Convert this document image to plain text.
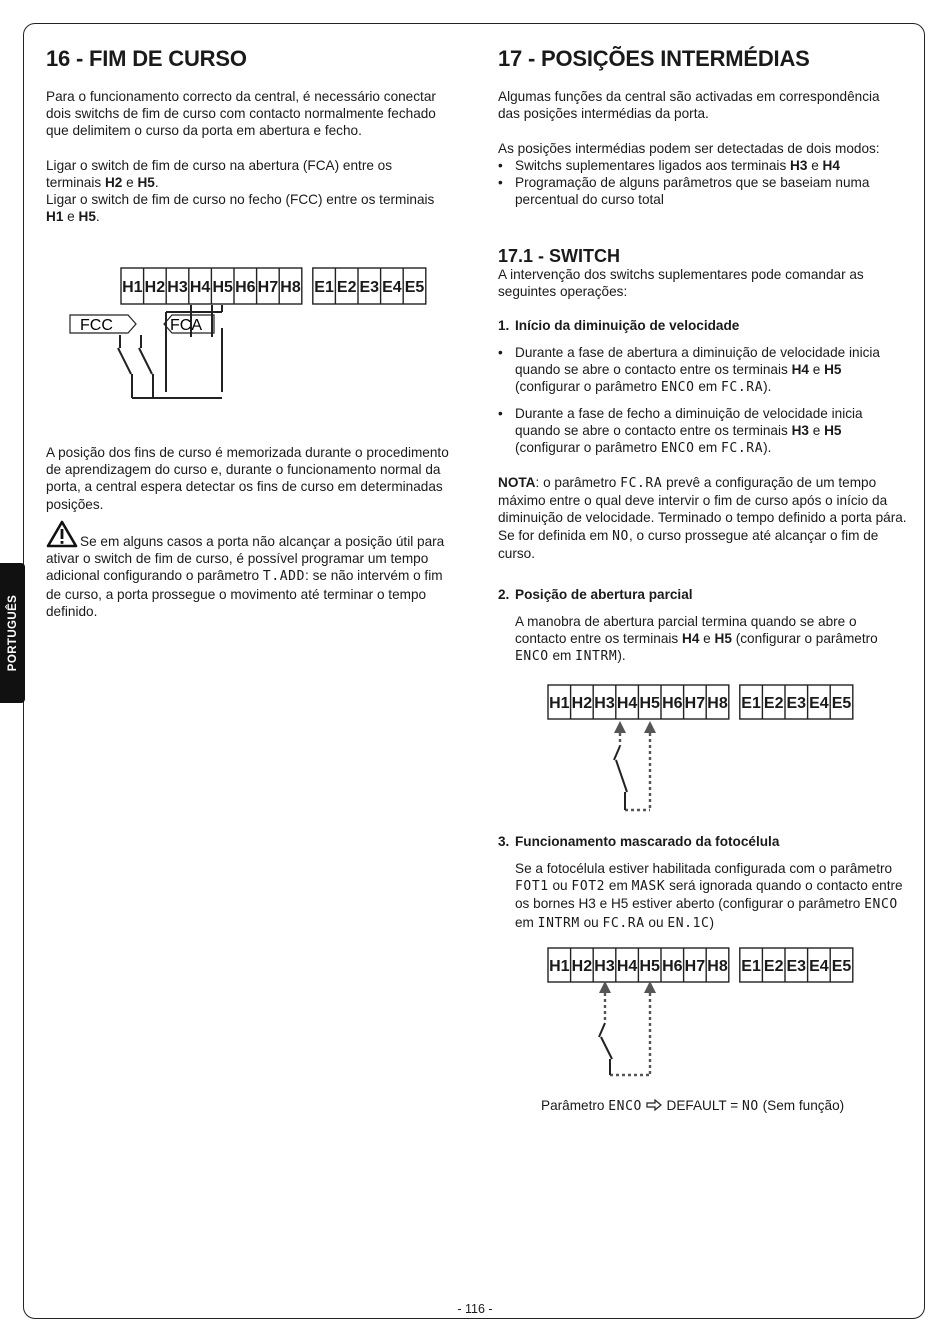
PORTUGUÊS
16 - FIM DE CURSO

Para o funcionamento correcto da central, é necessário conectar dois switchs de fim de curso com contacto normalmente fechado que delimitem o curso da porta em abertura e fecho.

Ligar o switch de fim de curso na abertura (FCA) entre os terminais H2 e H5.

Ligar o switch de fim de curso no fecho (FCC) entre os terminais H1 e H5.

A posição dos fins de curso é memorizada durante o procedimento de aprendizagem do curso e, durante o funcionamento normal da porta, a central espera detectar os fins de curso em determinadas posições.

Se em alguns casos a porta não alcançar a posição útil para ativar o switch de fim de curso, é possível programar um tempo adicional configurando o parâmetro T.ADD: se não intervém o fim de curso, a porta prossegue o movimento até terminar o tempo definido.

H1 H2 H3 H4 H5 H6 H7 H8 E1 E2 E3 E4 E5
FCC	FCA
17 - POSIÇÕES INTERMÉDIAS

Algumas funções da central são activadas em correspondência das posições intermédias da porta.

As posições intermédias podem ser detectadas de dois modos:

• Switchs suplementares ligados aos terminais H3 e H4
• Programação de alguns parâmetros que se baseiam numa percentual do curso total
17.1 - SWITCH

A intervenção dos switchs suplementares pode comandar as seguintes operações:

1. Início da diminuição de velocidade
• Durante a fase de abertura a diminuição de velocidade inicia quando se abre o contacto entre os terminais H4 e H5 (configurar o parâmetro ENCO em FC.RA).
• Durante a fase de fecho a diminuição de velocidade inicia quando se abre o contacto entre os terminais H3 e H5 (configurar o parâmetro ENCO em FC.RA).

NOTA: o parâmetro FC.RA prevê a configuração de um tempo máximo entre o qual deve intervir o fim de curso após o início da diminuição de velocidade. Terminado o tempo definido a porta pára. Se for definida em NO, o curso prossegue até alcançar o fim de curso.

2. Posição de abertura parcial

A manobra de abertura parcial termina quando se abre o contacto entre os terminais H4 e H5 (configurar o parâmetro ENCO em INTRM).

3. Funcionamento mascarado da fotocélula

Se a fotocélula estiver habilitada configurada com o parâmetro FOT1 ou FOT2 em MASK será ignorada quando o contacto entre os bornes H3 e H5 estiver aberto (configurar o parâmetro ENCO em INTRM ou FC.RA ou EN.1C)

Parâmetro ENCO DEFAULT = NO (Sem função)

H1 H2 H3 H4 H5 H6 H7 H8 E1 E2 E3 E4 E5
H1 H2 H3 H4 H5 H6 H7 H8 E1 E2 E3 E4 E5
- 116 -
